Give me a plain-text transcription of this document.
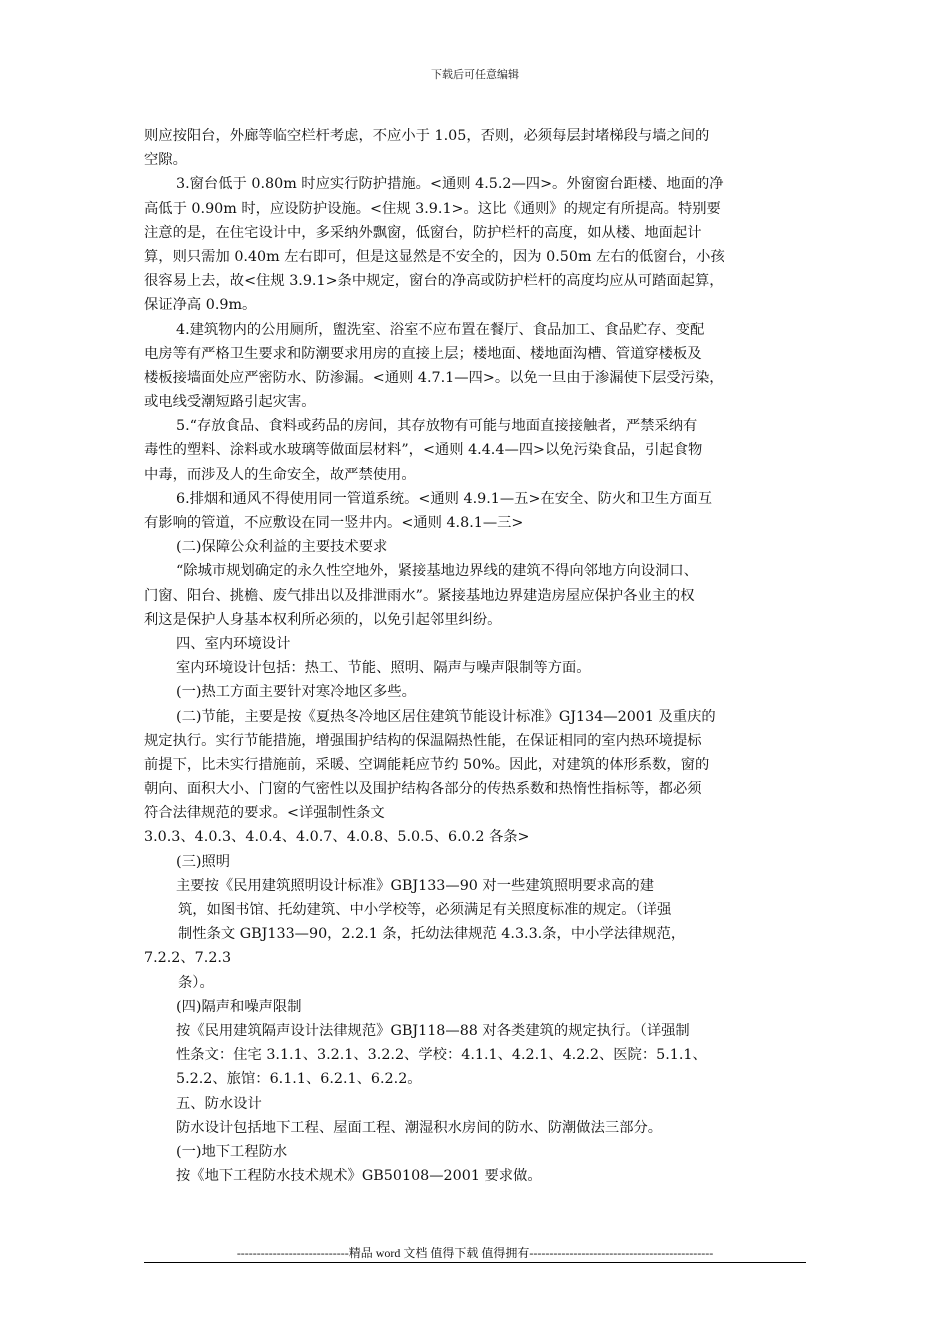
下载后可任意编辑
则应按阳台，外廊等临空栏杆考虑，不应小于 1.05，否则，必须每层封堵梯段与墙之间的
空隙。
3.窗台低于 0.80m 时应实行防护措施。<通则 4.5.2—四>。外窗窗台距楼、地面的净
高低于 0.90m 时，应设防护设施。<住规 3.9.1>。这比《通则》的规定有所提高。特别要
注意的是，在住宅设计中，多采纳外飘窗，低窗台，防护栏杆的高度，如从楼、地面起计
算，则只需加 0.40m 左右即可，但是这显然是不安全的，因为 0.50m 左右的低窗台，小孩
很容易上去，故<住规 3.9.1>条中规定，窗台的净高或防护栏杆的高度均应从可踏面起算，
保证净高 0.9m。
4.建筑物内的公用厕所，盥洗室、浴室不应布置在餐厅、食品加工、食品贮存、变配
电房等有严格卫生要求和防潮要求用房的直接上层；楼地面、楼地面沟槽、管道穿楼板及
楼板接墙面处应严密防水、防渗漏。<通则 4.7.1—四>。以免一旦由于渗漏使下层受污染，
或电线受潮短路引起灾害。
5.“存放食品、食料或药品的房间，其存放物有可能与地面直接接触者，严禁采纳有
毒性的塑料、涂料或水玻璃等做面层材料”，<通则 4.4.4—四>以免污染食品，引起食物
中毒，而涉及人的生命安全，故严禁使用。
6.排烟和通风不得使用同一管道系统。<通则 4.9.1—五>在安全、防火和卫生方面互
有影响的管道，不应敷设在同一竖井内。<通则 4.8.1—三>
(二)保障公众利益的主要技术要求
“除城市规划确定的永久性空地外，紧接基地边界线的建筑不得向邻地方向设洞口、
门窗、阳台、挑檐、废气排出以及排泄雨水”。紧接基地边界建造房屋应保护各业主的权
利这是保护人身基本权利所必须的，以免引起邻里纠纷。
四、室内环境设计
室内环境设计包括：热工、节能、照明、隔声与噪声限制等方面。
(一)热工方面主要针对寒冷地区多些。
(二)节能，主要是按《夏热冬冷地区居住建筑节能设计标准》GJ134—2001 及重庆的
规定执行。实行节能措施，增强围护结构的保温隔热性能，在保证相同的室内热环境提标
前提下，比未实行措施前，采暖、空调能耗应节约 50%。因此，对建筑的体形系数，窗的
朝向、面积大小、门窗的气密性以及围护结构各部分的传热系数和热惰性指标等，都必须
符合法律规范的要求。<详强制性条文
3.0.3、4.0.3、4.0.4、4.0.7、4.0.8、5.0.5、6.0.2 各条>
(三)照明
主要按《民用建筑照明设计标准》GBJ133—90 对一些建筑照明要求高的建
筑，如图书馆、托幼建筑、中小学校等，必须满足有关照度标准的规定。（详强
制性条文 GBJ133—90，2.2.1 条，托幼法律规范 4.3.3.条，中小学法律规范，
7.2.2、7.2.3
条）。
(四)隔声和噪声限制
按《民用建筑隔声设计法律规范》GBJ118—88 对各类建筑的规定执行。（详强制
性条文：住宅 3.1.1、3.2.1、3.2.2、学校：4.1.1、4.2.1、4.2.2、医院：5.1.1、
5.2.2、旅馆：6.1.1、6.2.1、6.2.2。
五、防水设计
防水设计包括地下工程、屋面工程、潮湿积水房间的防水、防潮做法三部分。
(一)地下工程防水
按《地下工程防水技术规术》GB50108—2001 要求做。
----------------------------精品 word 文档 值得下载 值得拥有----------------------------------------------
